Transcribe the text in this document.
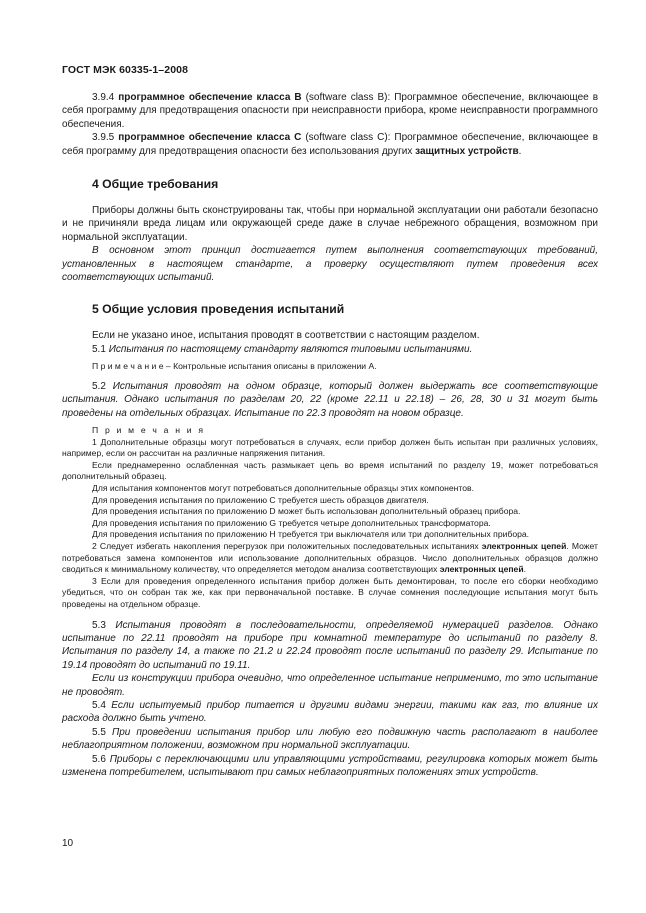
ГОСТ МЭК 60335-1–2008

3.9.4 программное обеспечение класса В (software class B): Программное обеспечение, включающее в себя программу для предотвращения опасности при неисправности прибора, кроме неисправности программного обеспечения.

3.9.5 программное обеспечение класса С (software class С): Программное обеспечение, включающее в себя программу для предотвращения опасности без использования других защитных устройств.

4 Общие требования

Приборы должны быть сконструированы так, чтобы при нормальной эксплуатации они работали безопасно и не причиняли вреда лицам или окружающей среде даже в случае небрежного обращения, возможном при нормальной эксплуатации.

В основном этот принцип достигается путем выполнения соответствующих требований, установленных в настоящем стандарте, а проверку осуществляют путем проведения всех соответствующих испытаний.

5 Общие условия проведения испытаний

Если не указано иное, испытания проводят в соответствии с настоящим разделом.

5.1 Испытания по настоящему стандарту являются типовыми испытаниями.

П р и м е ч а н и е – Контрольные испытания описаны в приложении А.

5.2 Испытания проводят на одном образце, который должен выдержать все соответствующие испытания. Однако испытания по разделам 20, 22 (кроме 22.11 и 22.18) – 26, 28, 30 и 31 могут быть проведены на отдельных образцах. Испытание по 22.3 проводят на новом образце.

П р и м е ч а н и я

1 Дополнительные образцы могут потребоваться в случаях, если прибор должен быть испытан при различных условиях, например, если он рассчитан на различные напряжения питания.

Если преднамеренно ослабленная часть размыкает цепь во время испытаний по разделу 19, может потребоваться дополнительный образец.

Для испытания компонентов могут потребоваться дополнительные образцы этих компонентов.

Для проведения испытания по приложению С требуется шесть образцов двигателя.

Для проведения испытания по приложению D может быть использован дополнительный образец прибора.

Для проведения испытания по приложению G требуется четыре дополнительных трансформатора.

Для проведения испытания по приложению Н требуется три выключателя или три дополнительных прибора.

2 Следует избегать накопления перегрузок при положительных последовательных испытаниях электронных цепей. Может потребоваться замена компонентов или использование дополнительных образцов. Число дополнительных образцов должно сводиться к минимальному количеству, что определяется методом анализа соответствующих электронных цепей.

3 Если для проведения определенного испытания прибор должен быть демонтирован, то после его сборки необходимо убедиться, что он собран так же, как при первоначальной поставке. В случае сомнения последующие испытания могут быть проведены на отдельном образце.

5.3 Испытания проводят в последовательности, определяемой нумерацией разделов. Однако испытание по 22.11 проводят на приборе при комнатной температуре до испытаний по разделу 8. Испытания по разделу 14, а также по 21.2 и 22.24 проводят после испытаний по разделу 29. Испытание по 19.14 проводят до испытаний по 19.11.

Если из конструкции прибора очевидно, что определенное испытание неприменимо, то это испытание не проводят.

5.4 Если испытуемый прибор питается и другими видами энергии, такими как газ, то влияние их расхода должно быть учтено.

5.5 При проведении испытания прибор или любую его подвижную часть располагают в наиболее неблагоприятном положении, возможном при нормальной эксплуатации.

5.6 Приборы с переключающими или управляющими устройствами, регулировка которых может быть изменена потребителем, испытывают при самых неблагоприятных положениях этих устройств.

10
